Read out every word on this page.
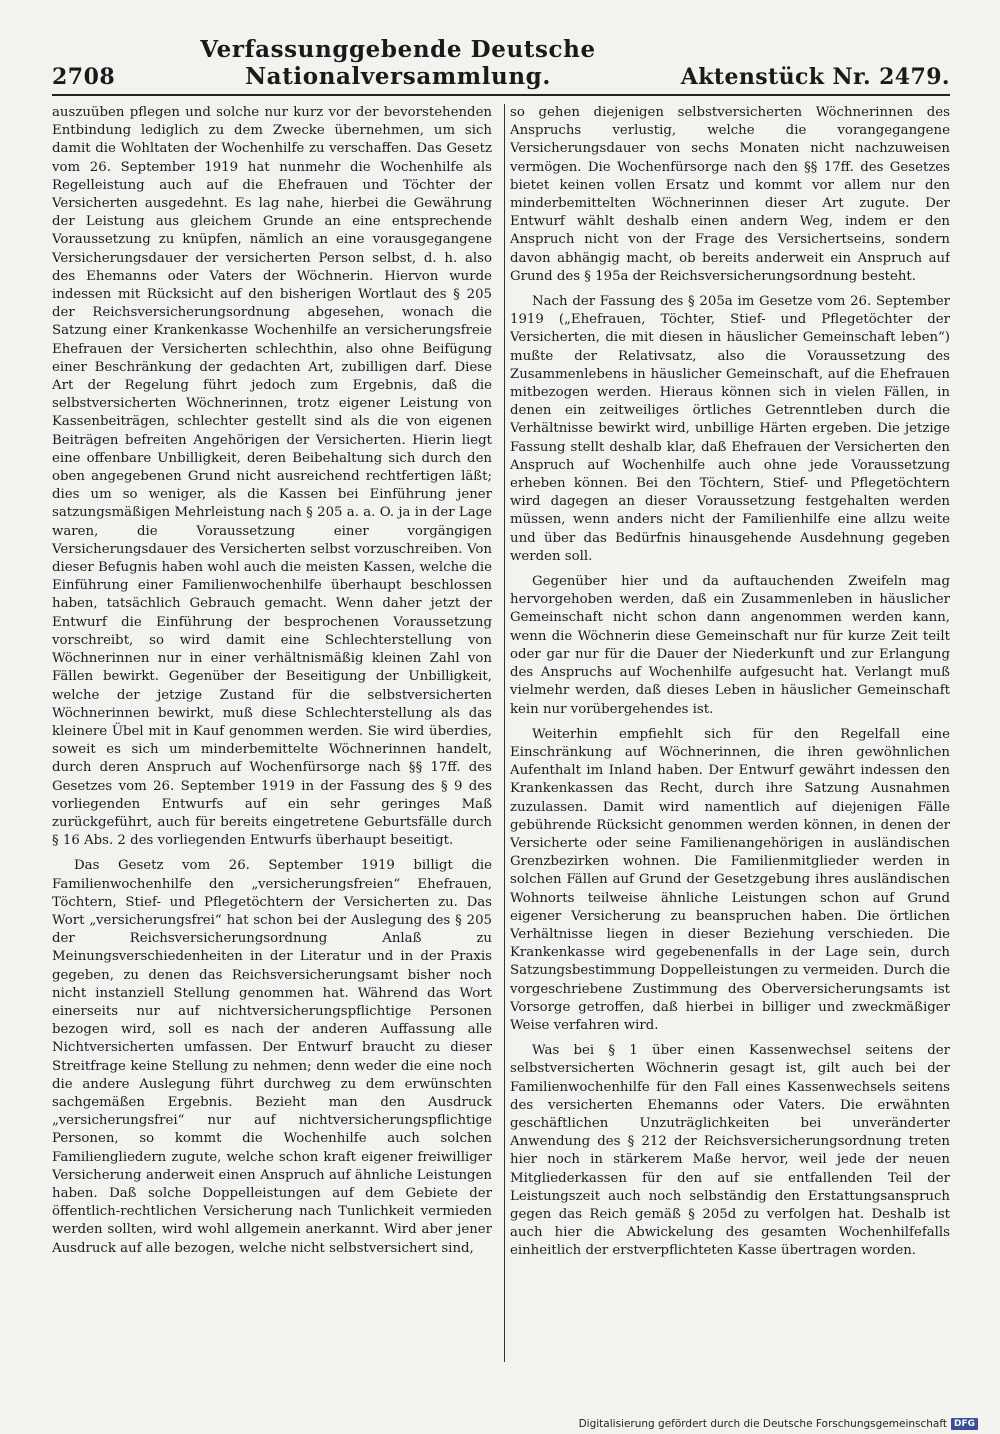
2708
Verfassunggebende Deutsche Nationalversammlung.	Aktenstück Nr. 2479.

auszuüben pflegen und solche nur kurz vor der bevorstehenden Entbindung lediglich zu dem Zwecke übernehmen, um sich damit die Wohltaten der Wochenhilfe zu verschaffen. Das Gesetz vom 26. September 1919 hat nunmehr die Wochenhilfe als Regelleistung auch auf die Ehefrauen und Töchter der Versicherten ausgedehnt. Es lag nahe, hierbei die Gewährung der Leistung aus gleichem Grunde an eine entsprechende Voraussetzung zu knüpfen, nämlich an eine vorausgegangene Versicherungsdauer der versicherten Person selbst, d. h. also des Ehemanns oder Vaters der Wöchnerin. Hiervon wurde indessen mit Rücksicht auf den bisherigen Wortlaut des § 205 der Reichsversicherungsordnung abgesehen, wonach die Satzung einer Krankenkasse Wochenhilfe an versicherungsfreie Ehefrauen der Versicherten schlechthin, also ohne Beifügung einer Beschränkung der gedachten Art, zubilligen darf. Diese Art der Regelung führt jedoch zum Ergebnis, daß die selbstversicherten Wöchnerinnen, trotz eigener Leistung von Kassenbeiträgen, schlechter gestellt sind als die von eigenen Beiträgen befreiten Angehörigen der Versicherten. Hierin liegt eine offenbare Unbilligkeit, deren Beibehaltung sich durch den oben angegebenen Grund nicht ausreichend rechtfertigen läßt; dies um so weniger, als die Kassen bei Einführung jener satzungsmäßigen Mehrleistung nach § 205 a. a. O. ja in der Lage waren, die Voraussetzung einer vorgängigen Versicherungsdauer des Versicherten selbst vorzuschreiben. Von dieser Befugnis haben wohl auch die meisten Kassen, welche die Einführung einer Familienwochenhilfe überhaupt beschlossen haben, tatsächlich Gebrauch gemacht. Wenn daher jetzt der Entwurf die Einführung der besprochenen Voraussetzung vorschreibt, so wird damit eine Schlechterstellung von Wöchnerinnen nur in einer verhältnismäßig kleinen Zahl von Fällen bewirkt. Gegenüber der Beseitigung der Unbilligkeit, welche der jetzige Zustand für die selbstversicherten Wöchnerinnen bewirkt, muß diese Schlechterstellung als das kleinere Übel mit in Kauf genommen werden. Sie wird überdies, soweit es sich um minderbemittelte Wöchnerinnen handelt, durch deren Anspruch auf Wochenfürsorge nach §§ 17ff. des Gesetzes vom 26. September 1919 in der Fassung des § 9 des vorliegenden Entwurfs auf ein sehr geringes Maß zurückgeführt, auch für bereits eingetretene Geburtsfälle durch § 16 Abs. 2 des vorliegenden Entwurfs überhaupt beseitigt.

Das Gesetz vom 26. September 1919 billigt die Familienwochenhilfe den „versicherungsfreien“ Ehefrauen, Töchtern, Stief- und Pflegetöchtern der Versicherten zu. Das Wort „versicherungsfrei“ hat schon bei der Auslegung des § 205 der Reichsversicherungsordnung Anlaß zu Meinungsverschiedenheiten in der Literatur und in der Praxis gegeben, zu denen das Reichsversicherungsamt bisher noch nicht instanziell Stellung genommen hat. Während das Wort einerseits nur auf nichtversicherungspflichtige Personen bezogen wird, soll es nach der anderen Auffassung alle Nichtversicherten umfassen. Der Entwurf braucht zu dieser Streitfrage keine Stellung zu nehmen; denn weder die eine noch die andere Auslegung führt durchweg zu dem erwünschten sachgemäßen Ergebnis. Bezieht man den Ausdruck „versicherungsfrei“ nur auf nichtversicherungspflichtige Personen, so kommt die Wochenhilfe auch solchen Familiengliedern zugute, welche schon kraft eigener freiwilliger Versicherung anderweit einen Anspruch auf ähnliche Leistungen haben. Daß solche Doppelleistungen auf dem Gebiete der öffentlich-rechtlichen Versicherung nach Tunlichkeit vermieden werden sollten, wird wohl allgemein anerkannt. Wird aber jener Ausdruck auf alle bezogen, welche nicht selbstversichert sind,

so gehen diejenigen selbstversicherten Wöchnerinnen des Anspruchs verlustig, welche die vorangegangene Versicherungsdauer von sechs Monaten nicht nachzuweisen vermögen. Die Wochenfürsorge nach den §§ 17ff. des Gesetzes bietet keinen vollen Ersatz und kommt vor allem nur den minderbemittelten Wöchnerinnen dieser Art zugute. Der Entwurf wählt deshalb einen andern Weg, indem er den Anspruch nicht von der Frage des Versichertseins, sondern davon abhängig macht, ob bereits anderweit ein Anspruch auf Grund des § 195a der Reichsversicherungsordnung besteht.

Nach der Fassung des § 205a im Gesetze vom 26. September 1919 („Ehefrauen, Töchter, Stief- und Pflegetöchter der Versicherten, die mit diesen in häuslicher Gemeinschaft leben“) mußte der Relativsatz, also die Voraussetzung des Zusammenlebens in häuslicher Gemeinschaft, auf die Ehefrauen mitbezogen werden. Hieraus können sich in vielen Fällen, in denen ein zeitweiliges örtliches Getrenntleben durch die Verhältnisse bewirkt wird, unbillige Härten ergeben. Die jetzige Fassung stellt deshalb klar, daß Ehefrauen der Versicherten den Anspruch auf Wochenhilfe auch ohne jede Voraussetzung erheben können. Bei den Töchtern, Stief- und Pflegetöchtern wird dagegen an dieser Voraussetzung festgehalten werden müssen, wenn anders nicht der Familienhilfe eine allzu weite und über das Bedürfnis hinausgehende Ausdehnung gegeben werden soll.

Gegenüber hier und da auftauchenden Zweifeln mag hervorgehoben werden, daß ein Zusammenleben in häuslicher Gemeinschaft nicht schon dann angenommen werden kann, wenn die Wöchnerin diese Gemeinschaft nur für kurze Zeit teilt oder gar nur für die Dauer der Niederkunft und zur Erlangung des Anspruchs auf Wochenhilfe aufgesucht hat. Verlangt muß vielmehr werden, daß dieses Leben in häuslicher Gemeinschaft kein nur vorübergehendes ist.

Weiterhin empfiehlt sich für den Regelfall eine Einschränkung auf Wöchnerinnen, die ihren gewöhnlichen Aufenthalt im Inland haben. Der Entwurf gewährt indessen den Krankenkassen das Recht, durch ihre Satzung Ausnahmen zuzulassen. Damit wird namentlich auf diejenigen Fälle gebührende Rücksicht genommen werden können, in denen der Versicherte oder seine Familienangehörigen in ausländischen Grenzbezirken wohnen. Die Familienmitglieder werden in solchen Fällen auf Grund der Gesetzgebung ihres ausländischen Wohnorts teilweise ähnliche Leistungen schon auf Grund eigener Versicherung zu beanspruchen haben. Die örtlichen Verhältnisse liegen in dieser Beziehung verschieden. Die Krankenkasse wird gegebenenfalls in der Lage sein, durch Satzungsbestimmung Doppelleistungen zu vermeiden. Durch die vorgeschriebene Zustimmung des Oberversicherungsamts ist Vorsorge getroffen, daß hierbei in billiger und zweckmäßiger Weise verfahren wird.

Was bei § 1 über einen Kassenwechsel seitens der selbstversicherten Wöchnerin gesagt ist, gilt auch bei der Familienwochenhilfe für den Fall eines Kassenwechsels seitens des versicherten Ehemanns oder Vaters. Die erwähnten geschäftlichen Unzuträglichkeiten bei unveränderter Anwendung des § 212 der Reichsversicherungsordnung treten hier noch in stärkerem Maße hervor, weil jede der neuen Mitgliederkassen für den auf sie entfallenden Teil der Leistungszeit auch noch selbständig den Erstattungsanspruch gegen das Reich gemäß § 205d zu verfolgen hat. Deshalb ist auch hier die Abwickelung des gesamten Wochenhilfefalls einheitlich der erstverpflichteten Kasse übertragen worden.

Digitalisierung gefördert durch die Deutsche Forschungsgemeinschaft DFG
